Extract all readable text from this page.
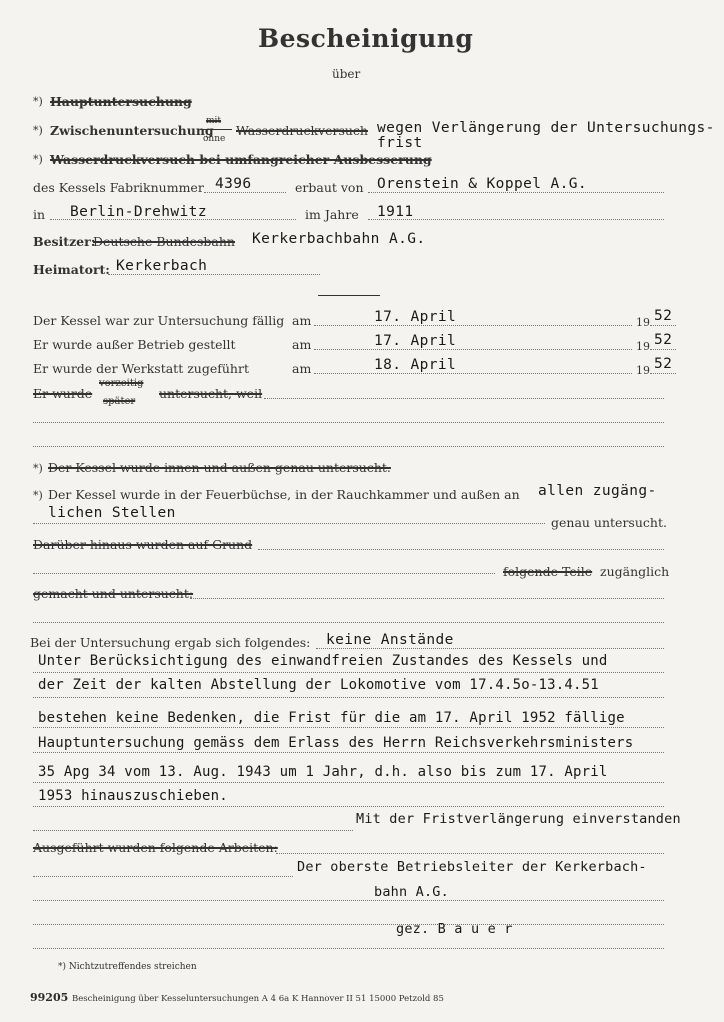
Bescheinigung
über
*) Hauptuntersuchung
*) Zwischenuntersuchung
mit
ohne
Wasserdruckversuch wegen Verlängerung der Untersuchungs-
frist
*) Wasserdruckversuch bei umfangreicher Ausbesserung
des Kessels Fabriknummer 4396	erbaut von Orenstein & Koppel A.G.
in Berlin-Drehwitz	im Jahre 1911
Besitzer:
Deutsche Bundesbahn Kerkerbachbahn A.G.
Heimatort: Kerkerbach
Der Kessel war zur Untersuchung fällig am	17. April	19 52
Er wurde außer Betrieb gestellt	am	17. April	19 52
Er wurde der Werkstatt zugeführt	am	18. April	19 52
Er wurde
vorzeitig
später
untersucht, weil
*) Der Kessel wurde innen und außen genau untersucht.
*) Der Kessel wurde in der Feuerbüchse, in der Rauchkammer und außen an allen zugäng-
lichen Stellen
genau untersucht.
Darüber hinaus wurden auf Grund
folgende Teile zugänglich
gemacht und untersucht:
Bei der Untersuchung ergab sich folgendes: keine Anstände
Unter Berücksichtigung des einwandfreien Zustandes des Kessels und
der Zeit der kalten Abstellung der Lokomotive vom 17.4.5o-13.4.51
bestehen keine Bedenken, die Frist für die am 17. April 1952 fällige
Hauptuntersuchung gemäss dem Erlass des Herrn Reichsverkehrsministers
35 Apg 34 vom 13. Aug. 1943 um 1 Jahr, d.h. also bis zum 17. April
1953 hinauszuschieben.
Mit der Fristverlängerung einverstanden
Ausgeführt wurden folgende Arbeiten:
Der oberste Betriebsleiter der Kerkerbach-
bahn A.G.
gez. B a u e r
*) Nichtzutreffendes streichen
99205 Bescheinigung über Kesseluntersuchungen A 4 6a K Hannover II 51 15000 Petzold 85
